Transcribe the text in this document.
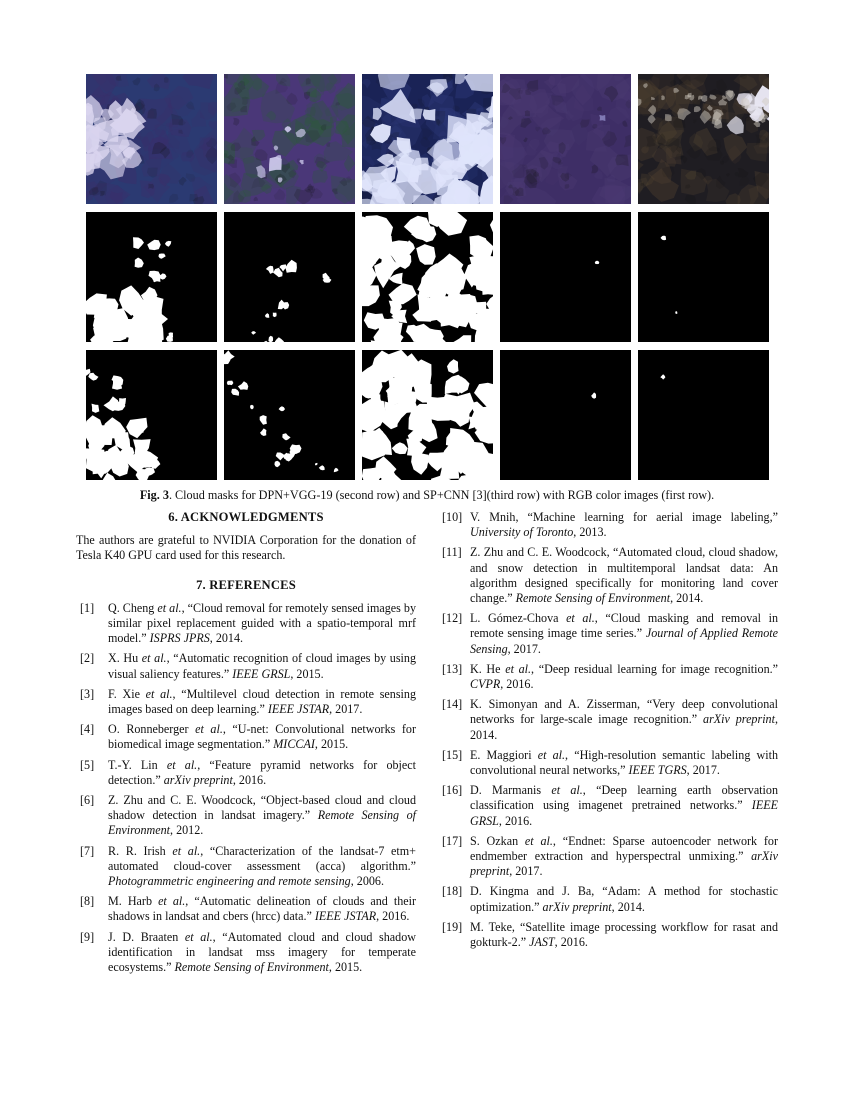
Fig. 3. Cloud masks for DPN+VGG-19 (second row) and SP+CNN [3](third row) with RGB color images (first row).
6. ACKNOWLEDGMENTS
The authors are grateful to NVIDIA Corporation for the donation of Tesla K40 GPU card used for this research.
7. REFERENCES
[1] Q. Cheng et al., “Cloud removal for remotely sensed images by similar pixel replacement guided with a spatio-temporal mrf model.” ISPRS JPRS, 2014.
[2] X. Hu et al., “Automatic recognition of cloud images by using visual saliency features.” IEEE GRSL, 2015.
[3] F. Xie et al., “Multilevel cloud detection in remote sensing images based on deep learning.” IEEE JSTAR, 2017.
[4] O. Ronneberger et al., “U-net: Convolutional networks for biomedical image segmentation.” MICCAI, 2015.
[5] T.-Y. Lin et al., “Feature pyramid networks for object detection.” arXiv preprint, 2016.
[6] Z. Zhu and C. E. Woodcock, “Object-based cloud and cloud shadow detection in landsat imagery.” Remote Sensing of Environment, 2012.
[7] R. R. Irish et al., “Characterization of the landsat-7 etm+ automated cloud-cover assessment (acca) algorithm.” Photogrammetric engineering and remote sensing, 2006.
[8] M. Harb et al., “Automatic delineation of clouds and their shadows in landsat and cbers (hrcc) data.” IEEE JSTAR, 2016.
[9] J. D. Braaten et al., “Automated cloud and cloud shadow identification in landsat mss imagery for temperate ecosystems.” Remote Sensing of Environment, 2015.
[10] V. Mnih, “Machine learning for aerial image labeling,” University of Toronto, 2013.
[11] Z. Zhu and C. E. Woodcock, “Automated cloud, cloud shadow, and snow detection in multitemporal landsat data: An algorithm designed specifically for monitoring land cover change.” Remote Sensing of Environment, 2014.
[12] L. Gómez-Chova et al., “Cloud masking and removal in remote sensing image time series.” Journal of Applied Remote Sensing, 2017.
[13] K. He et al., “Deep residual learning for image recognition.” CVPR, 2016.
[14] K. Simonyan and A. Zisserman, “Very deep convolutional networks for large-scale image recognition.” arXiv preprint, 2014.
[15] E. Maggiori et al., “High-resolution semantic labeling with convolutional neural networks,” IEEE TGRS, 2017.
[16] D. Marmanis et al., “Deep learning earth observation classification using imagenet pretrained networks.” IEEE GRSL, 2016.
[17] S. Ozkan et al., “Endnet: Sparse autoencoder network for endmember extraction and hyperspectral unmixing.” arXiv preprint, 2017.
[18] D. Kingma and J. Ba, “Adam: A method for stochastic optimization.” arXiv preprint, 2014.
[19] M. Teke, “Satellite image processing workflow for rasat and gokturk-2.” JAST, 2016.
